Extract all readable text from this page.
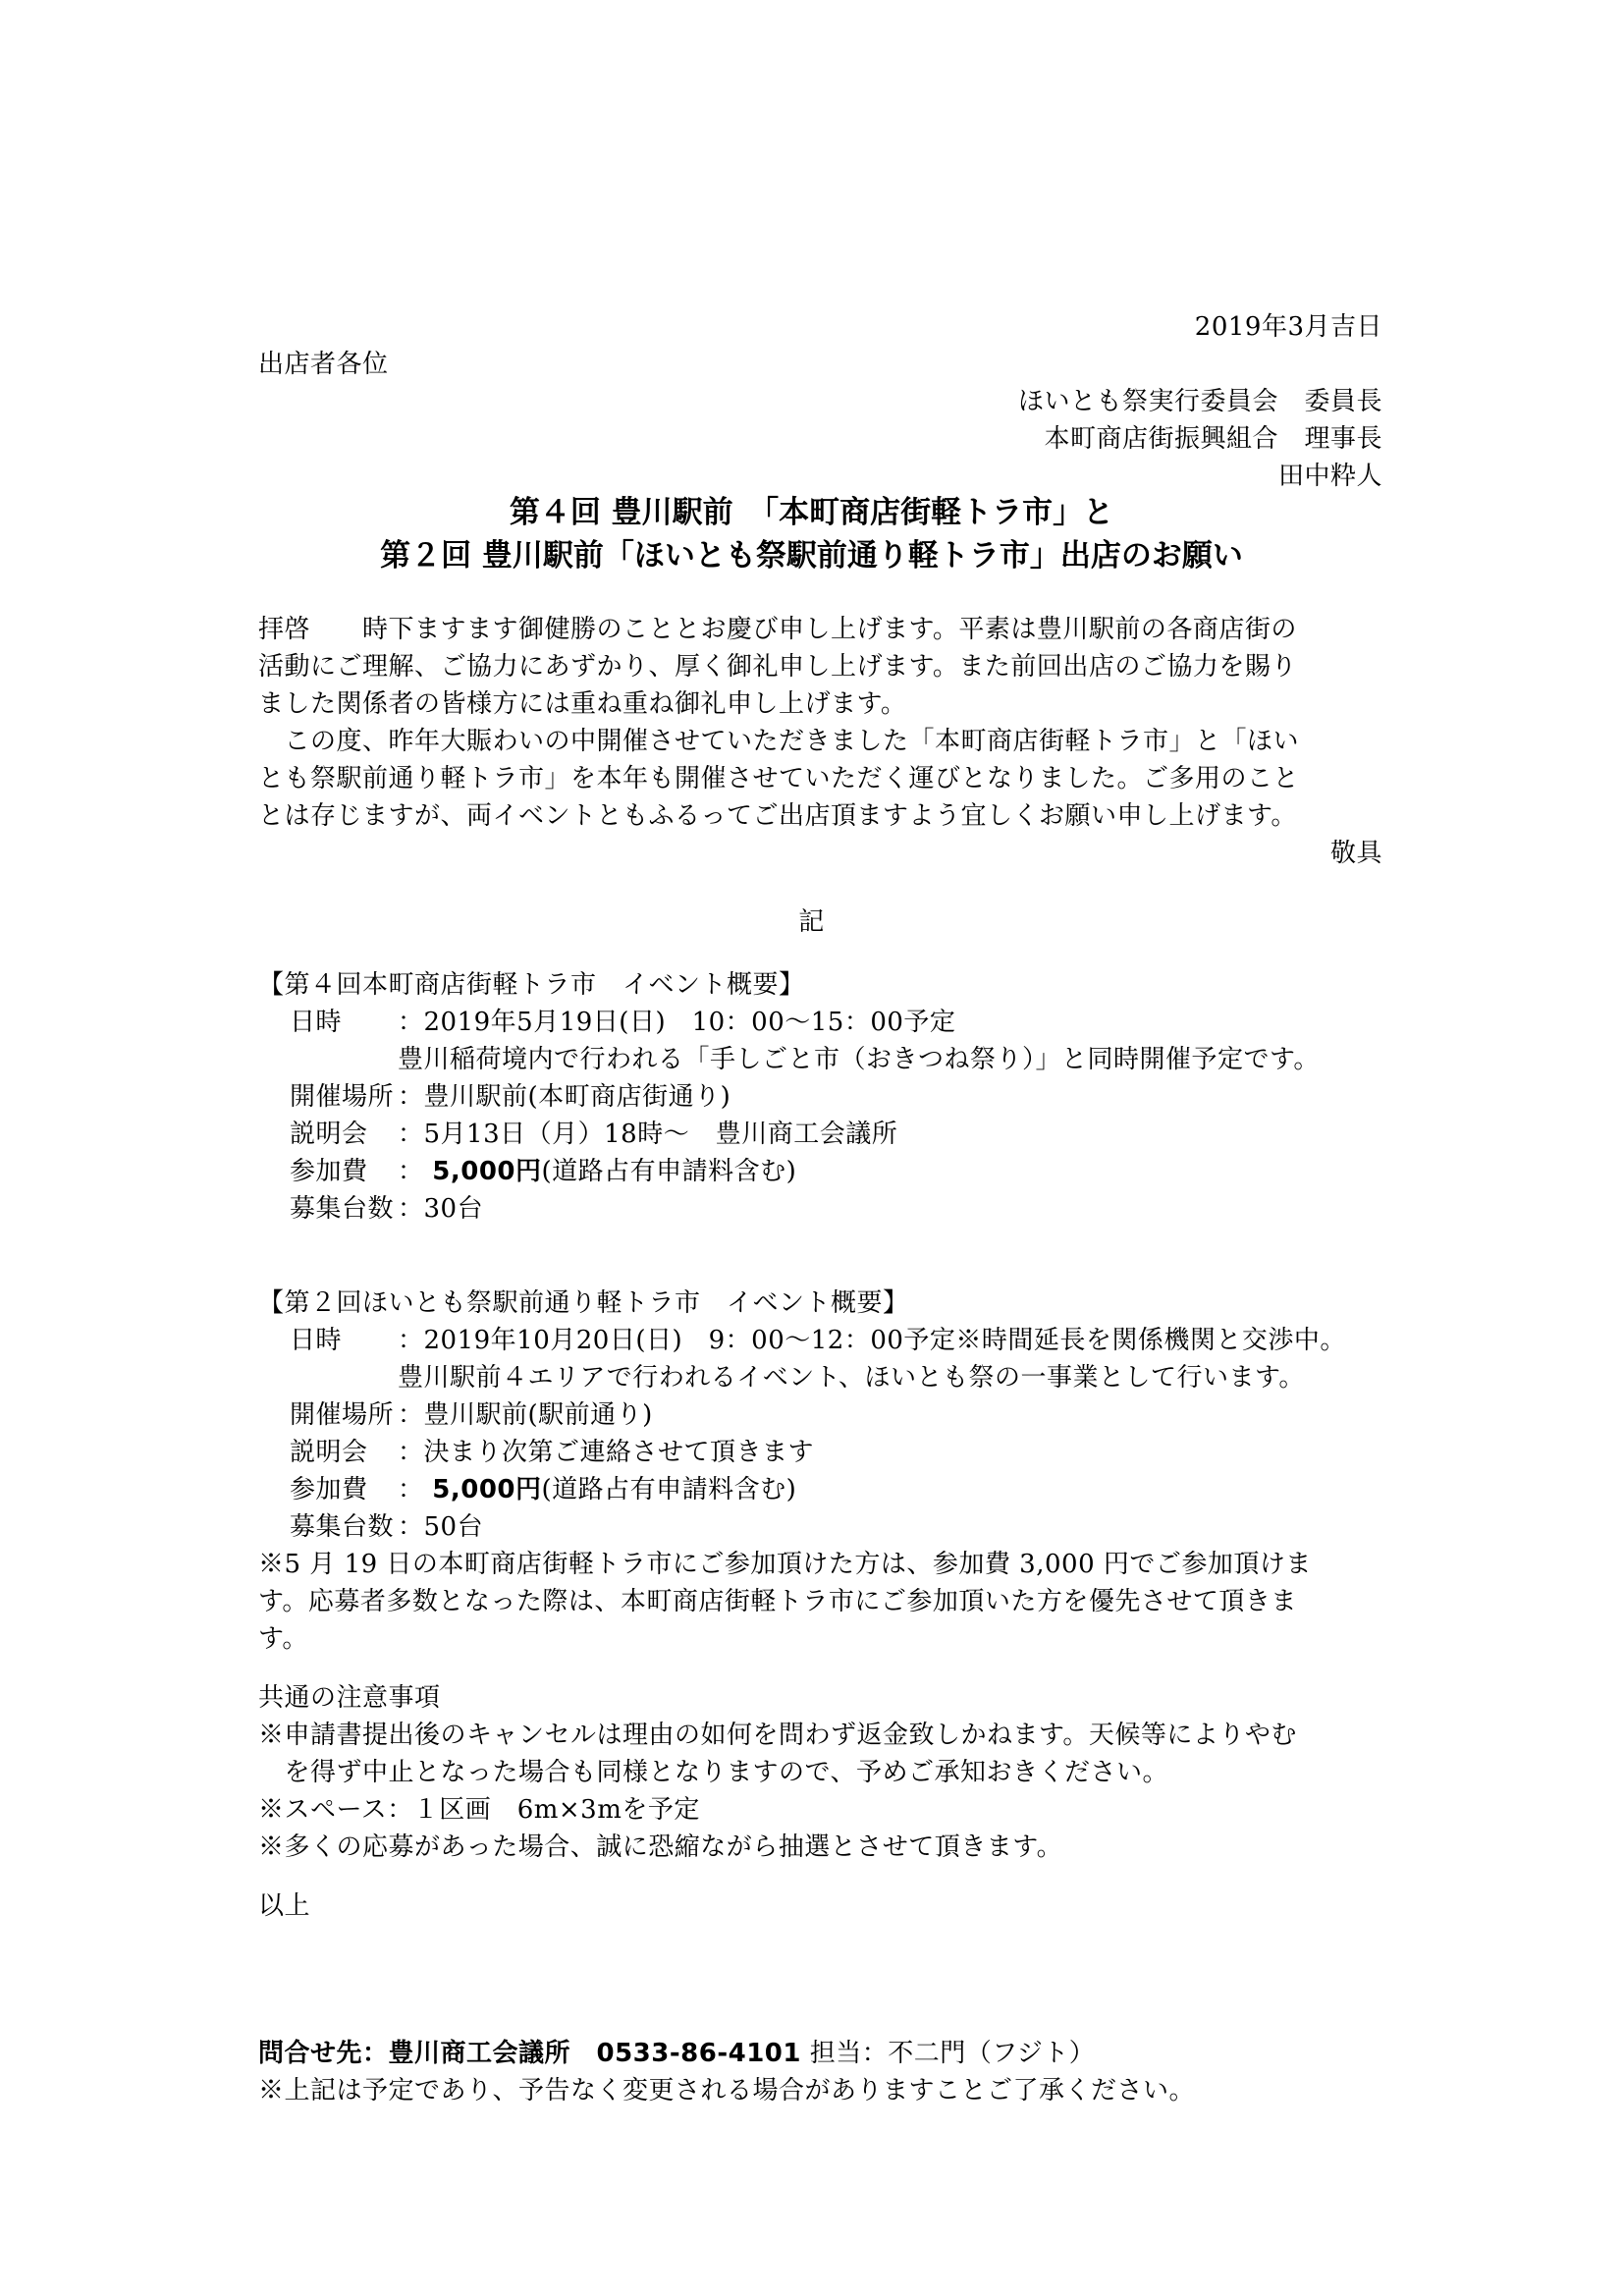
2019年3月吉日
出店者各位
ほいとも祭実行委員会　委員長
本町商店街振興組合　理事長
田中粋人
第４回 豊川駅前　「本町商店街軽トラ市」と
第２回 豊川駅前「ほいとも祭駅前通り軽トラ市」出店のお願い
拝啓　　時下ますます御健勝のこととお慶び申し上げます。平素は豊川駅前の各商店街の
活動にご理解、ご協力にあずかり、厚く御礼申し上げます。また前回出店のご協力を賜り
ました関係者の皆様方には重ね重ね御礼申し上げます。
　この度、昨年大賑わいの中開催させていただきました「本町商店街軽トラ市」と「ほい
とも祭駅前通り軽トラ市」を本年も開催させていただく運びとなりました。ご多用のこと
とは存じますが、両イベントともふるってご出店頂ますよう宜しくお願い申し上げます。
敬具
記
【第４回本町商店街軽トラ市　イベント概要】
日時 ：2019年5月19日(日)　10：00～15：00予定
豊川稲荷境内で行われる「手しごと市（おきつね祭り）」と同時開催予定です。
開催場所 ：豊川駅前(本町商店街通り)
説明会 ：5月13日（月）18時～　豊川商工会議所
参加費 ： 5,000円(道路占有申請料含む)
募集台数 ：30台
【第２回ほいとも祭駅前通り軽トラ市　イベント概要】
日時 ：2019年10月20日(日)　9：00～12：00予定※時間延長を関係機関と交渉中。
豊川駅前４エリアで行われるイベント、ほいとも祭の一事業として行います。
開催場所 ：豊川駅前(駅前通り)
説明会 ：決まり次第ご連絡させて頂きます
参加費 ： 5,000円(道路占有申請料含む)
募集台数 ：50台
※5 月 19 日の本町商店街軽トラ市にご参加頂けた方は、参加費 3,000 円でご参加頂けま
す。応募者多数となった際は、本町商店街軽トラ市にご参加頂いた方を優先させて頂きま
す。
共通の注意事項
※申請書提出後のキャンセルは理由の如何を問わず返金致しかねます。天候等によりやむ
　を得ず中止となった場合も同様となりますので、予めご承知おきください。
※スペース：１区画　6m×3mを予定
※多くの応募があった場合、誠に恐縮ながら抽選とさせて頂きます。
以上
問合せ先：豊川商工会議所　0533-86-4101 担当：不二門（フジト）
※上記は予定であり、予告なく変更される場合がありますことご了承ください。
